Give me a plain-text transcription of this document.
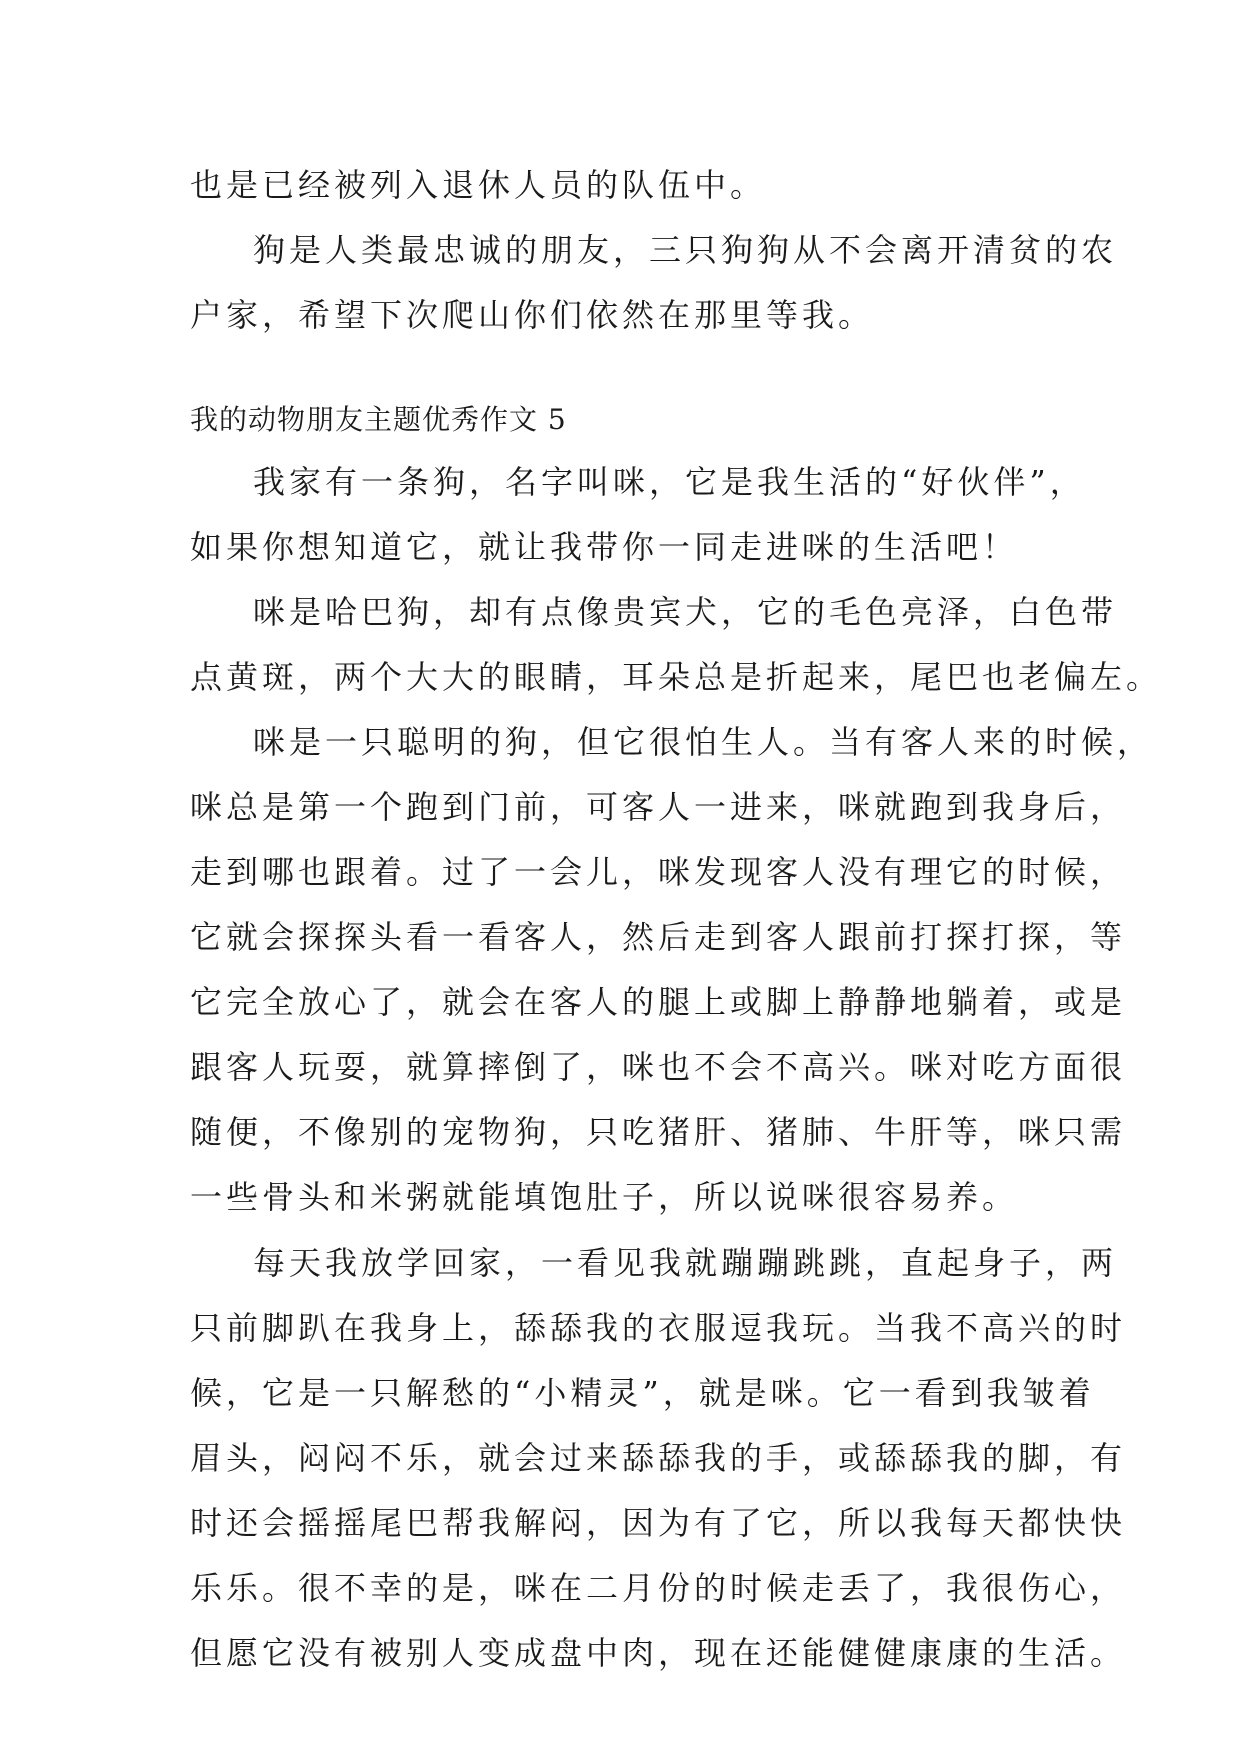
也是已经被列入退休人员的队伍中。
狗是人类最忠诚的朋友，三只狗狗从不会离开清贫的农
户家，希望下次爬山你们依然在那里等我。
我的动物朋友主题优秀作文 5
我家有一条狗，名字叫咪，它是我生活的“好伙伴”，
如果你想知道它，就让我带你一同走进咪的生活吧！
咪是哈巴狗，却有点像贵宾犬，它的毛色亮泽，白色带
点黄斑，两个大大的眼睛，耳朵总是折起来，尾巴也老偏左。
咪是一只聪明的狗，但它很怕生人。当有客人来的时候，
咪总是第一个跑到门前，可客人一进来，咪就跑到我身后，
走到哪也跟着。过了一会儿，咪发现客人没有理它的时候，
它就会探探头看一看客人，然后走到客人跟前打探打探，等
它完全放心了，就会在客人的腿上或脚上静静地躺着，或是
跟客人玩耍，就算摔倒了，咪也不会不高兴。咪对吃方面很
随便，不像别的宠物狗，只吃猪肝、猪肺、牛肝等，咪只需
一些骨头和米粥就能填饱肚子，所以说咪很容易养。
每天我放学回家，一看见我就蹦蹦跳跳，直起身子，两
只前脚趴在我身上，舔舔我的衣服逗我玩。当我不高兴的时
候，它是一只解愁的“小精灵”，就是咪。它一看到我皱着
眉头，闷闷不乐，就会过来舔舔我的手，或舔舔我的脚，有
时还会摇摇尾巴帮我解闷，因为有了它，所以我每天都快快
乐乐。很不幸的是，咪在二月份的时候走丢了，我很伤心，
但愿它没有被别人变成盘中肉，现在还能健健康康的生活。
